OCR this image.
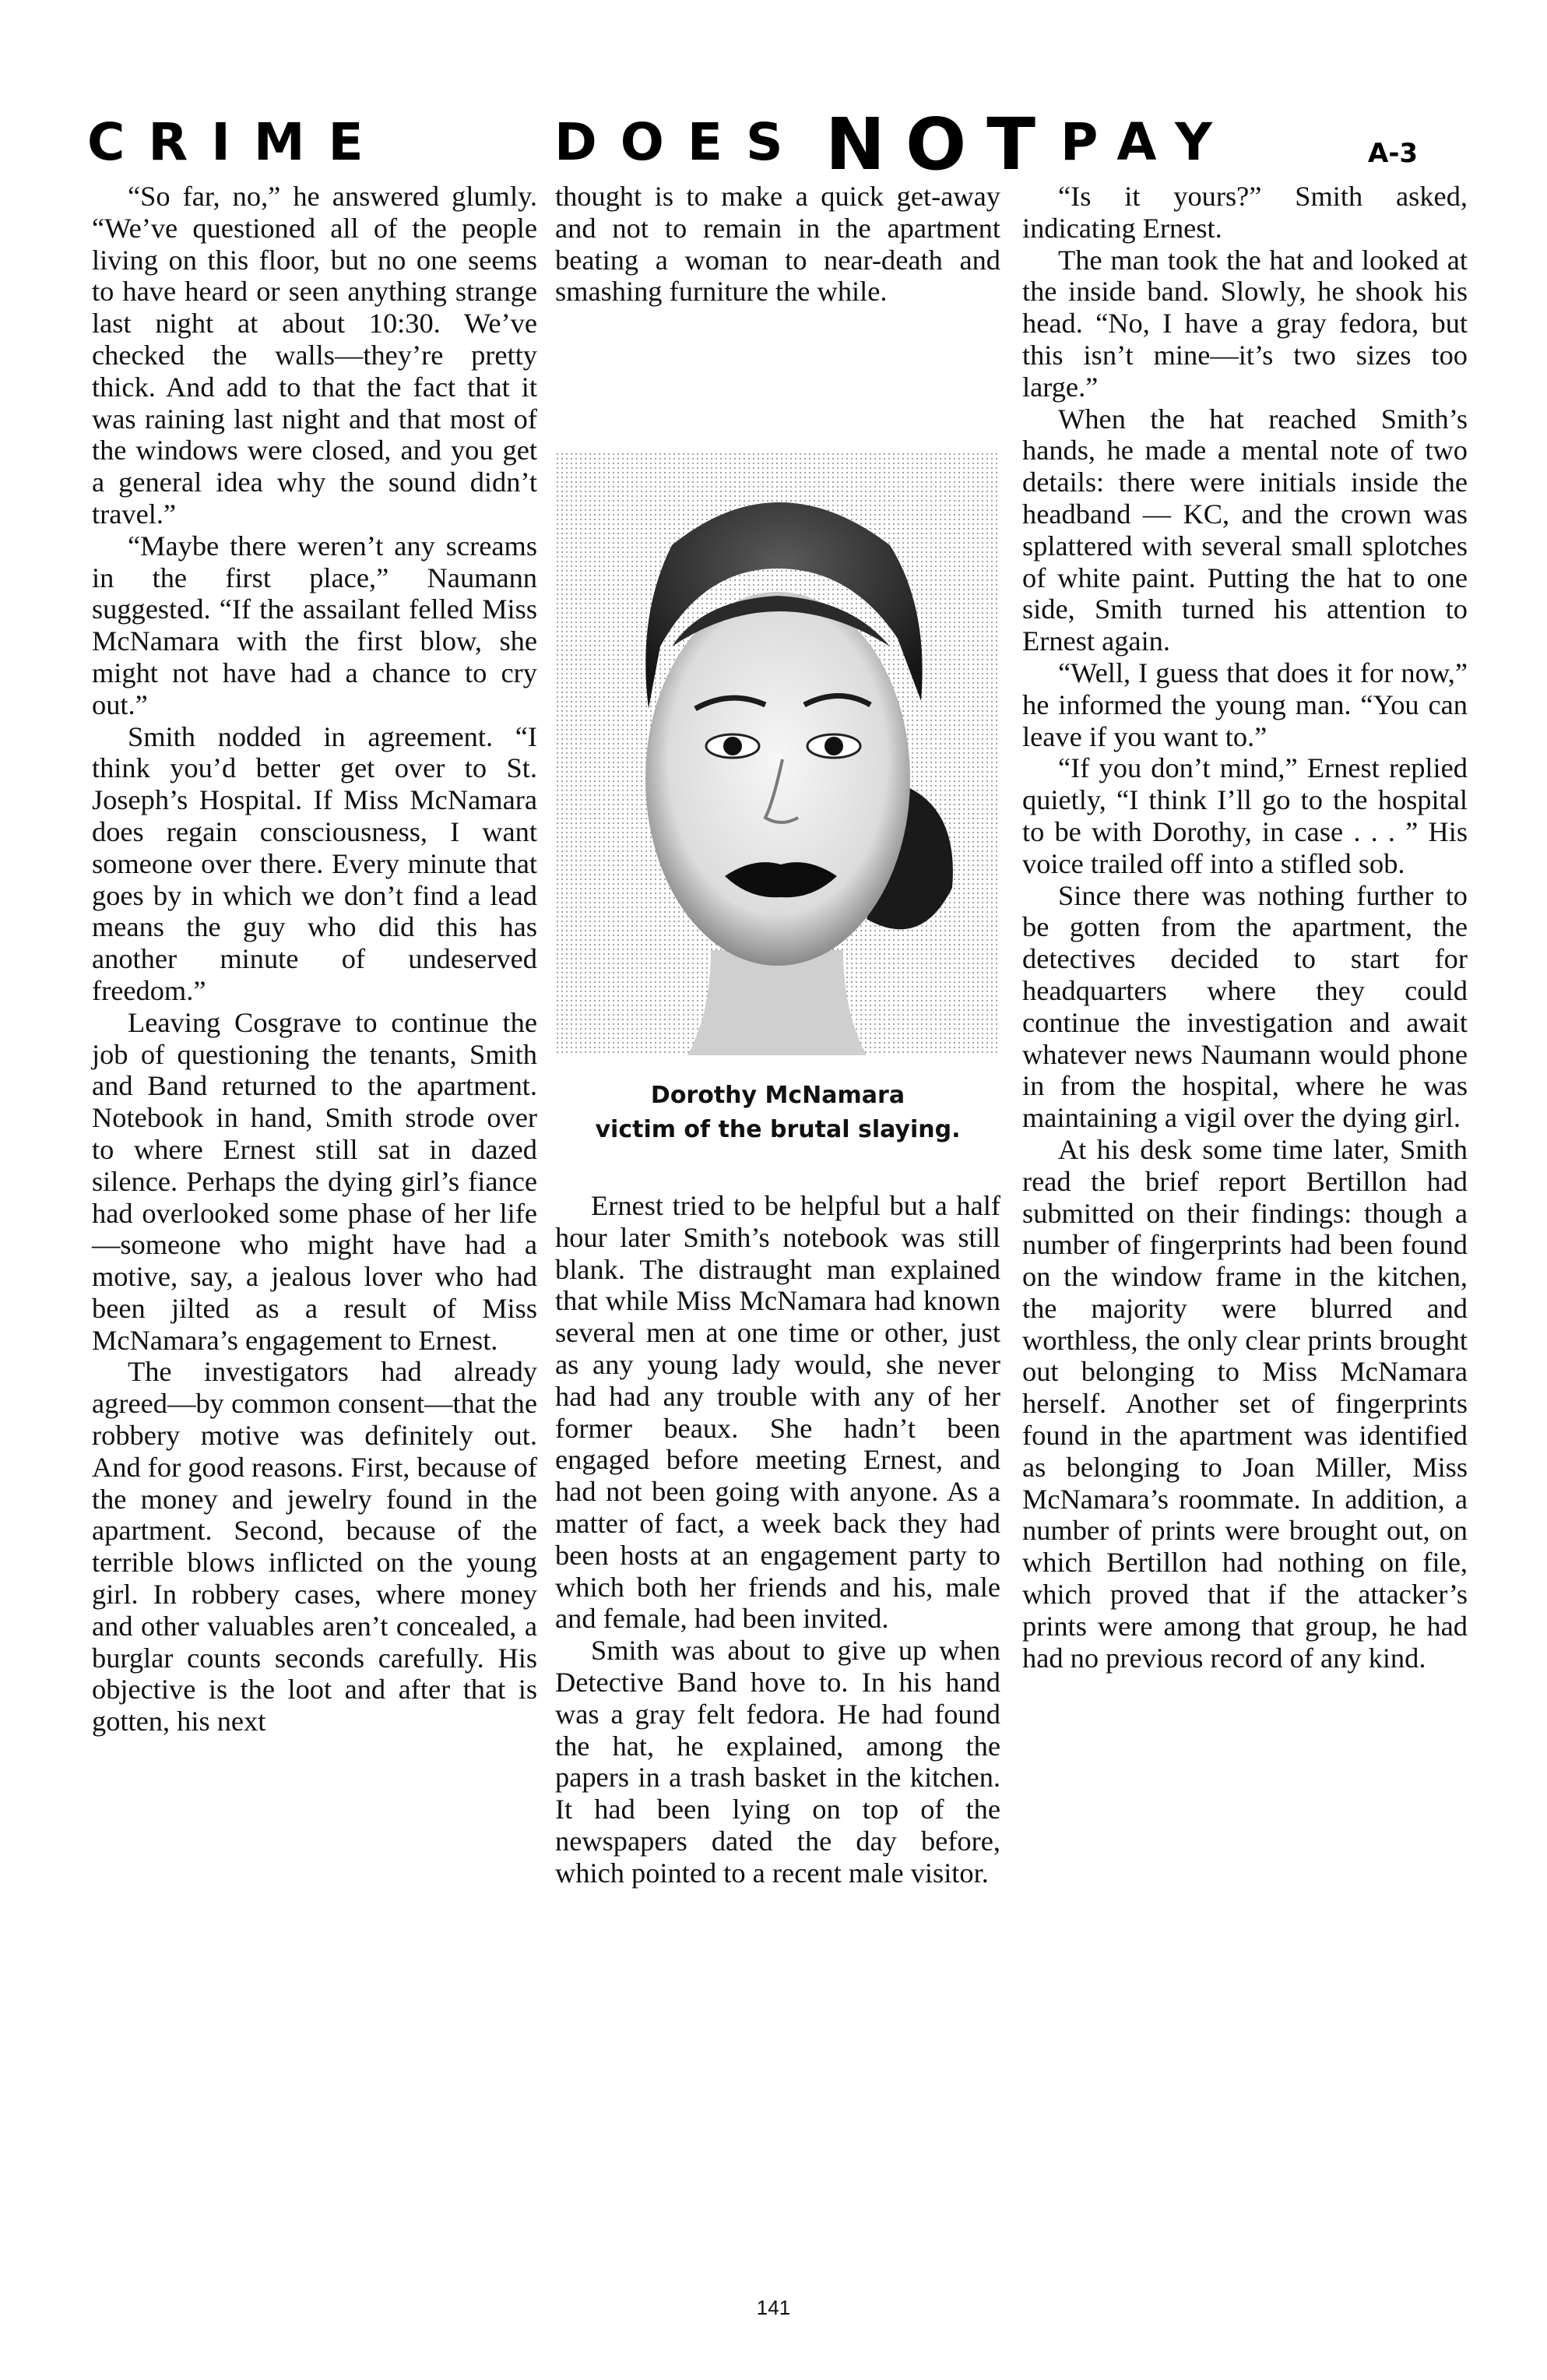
CRIME	DOES NOT PAY	A-3

“So far, no,” he answered glumly. “We’ve questioned all of the people living on this floor, but no one seems to have heard or seen anything strange last night at about 10:30. We’ve checked the walls—they’re pretty thick. And add to that the fact that it was raining last night and that most of the windows were closed, and you get a general idea why the sound didn’t travel.”

“Maybe there weren’t any screams in the first place,” Naumann suggested. “If the assailant felled Miss McNamara with the first blow, she might not have had a chance to cry out.”

Smith nodded in agreement. “I think you’d better get over to St. Joseph’s Hospital. If Miss McNamara does regain consciousness, I want someone over there. Every minute that goes by in which we don’t find a lead means the guy who did this has another minute of undeserved freedom.”

Leaving Cosgrave to continue the job of questioning the tenants, Smith and Band returned to the apartment. Notebook in hand, Smith strode over to where Ernest still sat in dazed silence. Perhaps the dying girl’s fiance had overlooked some phase of her life—someone who might have had a motive, say, a jealous lover who had been jilted as a result of Miss McNamara’s engagement to Ernest.

The investigators had already agreed—by common consent—that the robbery motive was definitely out. And for good reasons. First, because of the money and jewelry found in the apartment. Second, because of the terrible blows inflicted on the young girl. In robbery cases, where money and other valuables aren’t concealed, a burglar counts seconds carefully. His objective is the loot and after that is gotten, his next

thought is to make a quick get-away and not to remain in the apartment beating a woman to near-death and smashing furniture the while.

Dorothy McNamara
victim of the brutal slaying.

Ernest tried to be helpful but a half hour later Smith’s notebook was still blank. The distraught man explained that while Miss McNamara had known several men at one time or other, just as any young lady would, she never had had any trouble with any of her former beaux. She hadn’t been engaged before meeting Ernest, and had not been going with anyone. As a matter of fact, a week back they had been hosts at an engagement party to which both her friends and his, male and female, had been invited.

Smith was about to give up when Detective Band hove to. In his hand was a gray felt fedora. He had found the hat, he explained, among the papers in a trash basket in the kitchen. It had been lying on top of the newspapers dated the day before, which pointed to a recent male visitor.

“Is it yours?” Smith asked, indicating Ernest.

The man took the hat and looked at the inside band. Slowly, he shook his head. “No, I have a gray fedora, but this isn’t mine—it’s two sizes too large.”

When the hat reached Smith’s hands, he made a mental note of two details: there were initials inside the headband — KC, and the crown was splattered with several small splotches of white paint. Putting the hat to one side, Smith turned his attention to Ernest again.

“Well, I guess that does it for now,” he informed the young man. “You can leave if you want to.”

“If you don’t mind,” Ernest replied quietly, “I think I’ll go to the hospital to be with Dorothy, in case . . . ” His voice trailed off into a stifled sob.

Since there was nothing further to be gotten from the apartment, the detectives decided to start for headquarters where they could continue the investigation and await whatever news Naumann would phone in from the hospital, where he was maintaining a vigil over the dying girl.

At his desk some time later, Smith read the brief report Bertillon had submitted on their findings: though a number of fingerprints had been found on the window frame in the kitchen, the majority were blurred and worthless, the only clear prints brought out belonging to Miss McNamara herself. Another set of fingerprints found in the apartment was identified as belonging to Joan Miller, Miss McNamara’s roommate. In addition, a number of prints were brought out, on which Bertillon had nothing on file, which proved that if the attacker’s prints were among that group, he had had no previous record of any kind.

141
